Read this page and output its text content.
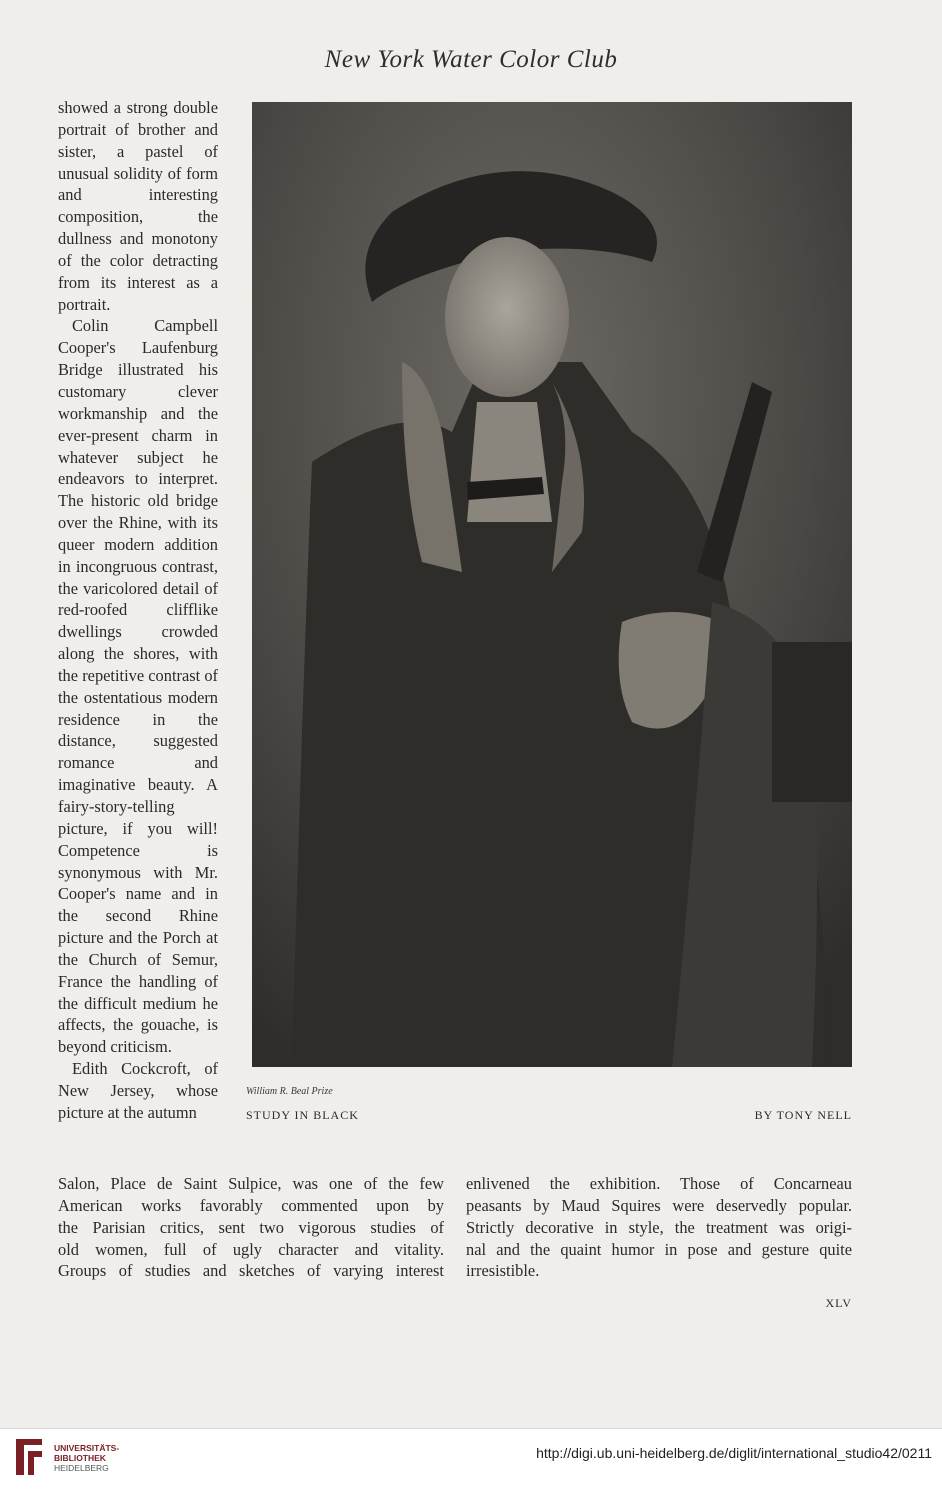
New York Water Color Club

showed a strong double portrait of brother and sister, a pastel of unusual solidity of form and interesting composition, the dullness and monotony of the color detracting from its interest as a portrait.

Colin Campbell Cooper's Laufenburg Bridge illustrated his customary clever workmanship and the ever-present charm in whatever subject he endeavors to interpret. The historic old bridge over the Rhine, with its queer modern addition in incongruous contrast, the varicolored detail of red-roofed clifflike dwellings crowded along the shores, with the repetitive contrast of the ostentatious modern residence in the distance, suggested romance and imaginative beauty. A fairy-story-telling picture, if you will! Competence is synonymous with Mr. Cooper's name and in the second Rhine picture and the Porch at the Church of Semur, France the handling of the difficult medium he affects, the gouache, is beyond criticism.

Edith Cockcroft, of New Jersey, whose picture at the autumn

William R. Beal Prize
STUDY IN BLACK	BY TONY NELL
Salon, Place de Saint Sulpice, was one of the few
American works favorably commented upon by
the Parisian critics, sent two vigorous studies of
old women, full of ugly character and vitality.
Groups of studies and sketches of varying interest
enlivened the exhibition. Those of Concarneau
peasants by Maud Squires were deservedly popular.
Strictly decorative in style, the treatment was origi-
nal and the quaint humor in pose and gesture quite
irresistible.
XLV
UNIVERSITÄTS-
BIBLIOTHEK
HEIDELBERG
http://digi.ub.uni-heidelberg.de/diglit/international_studio42/0211
